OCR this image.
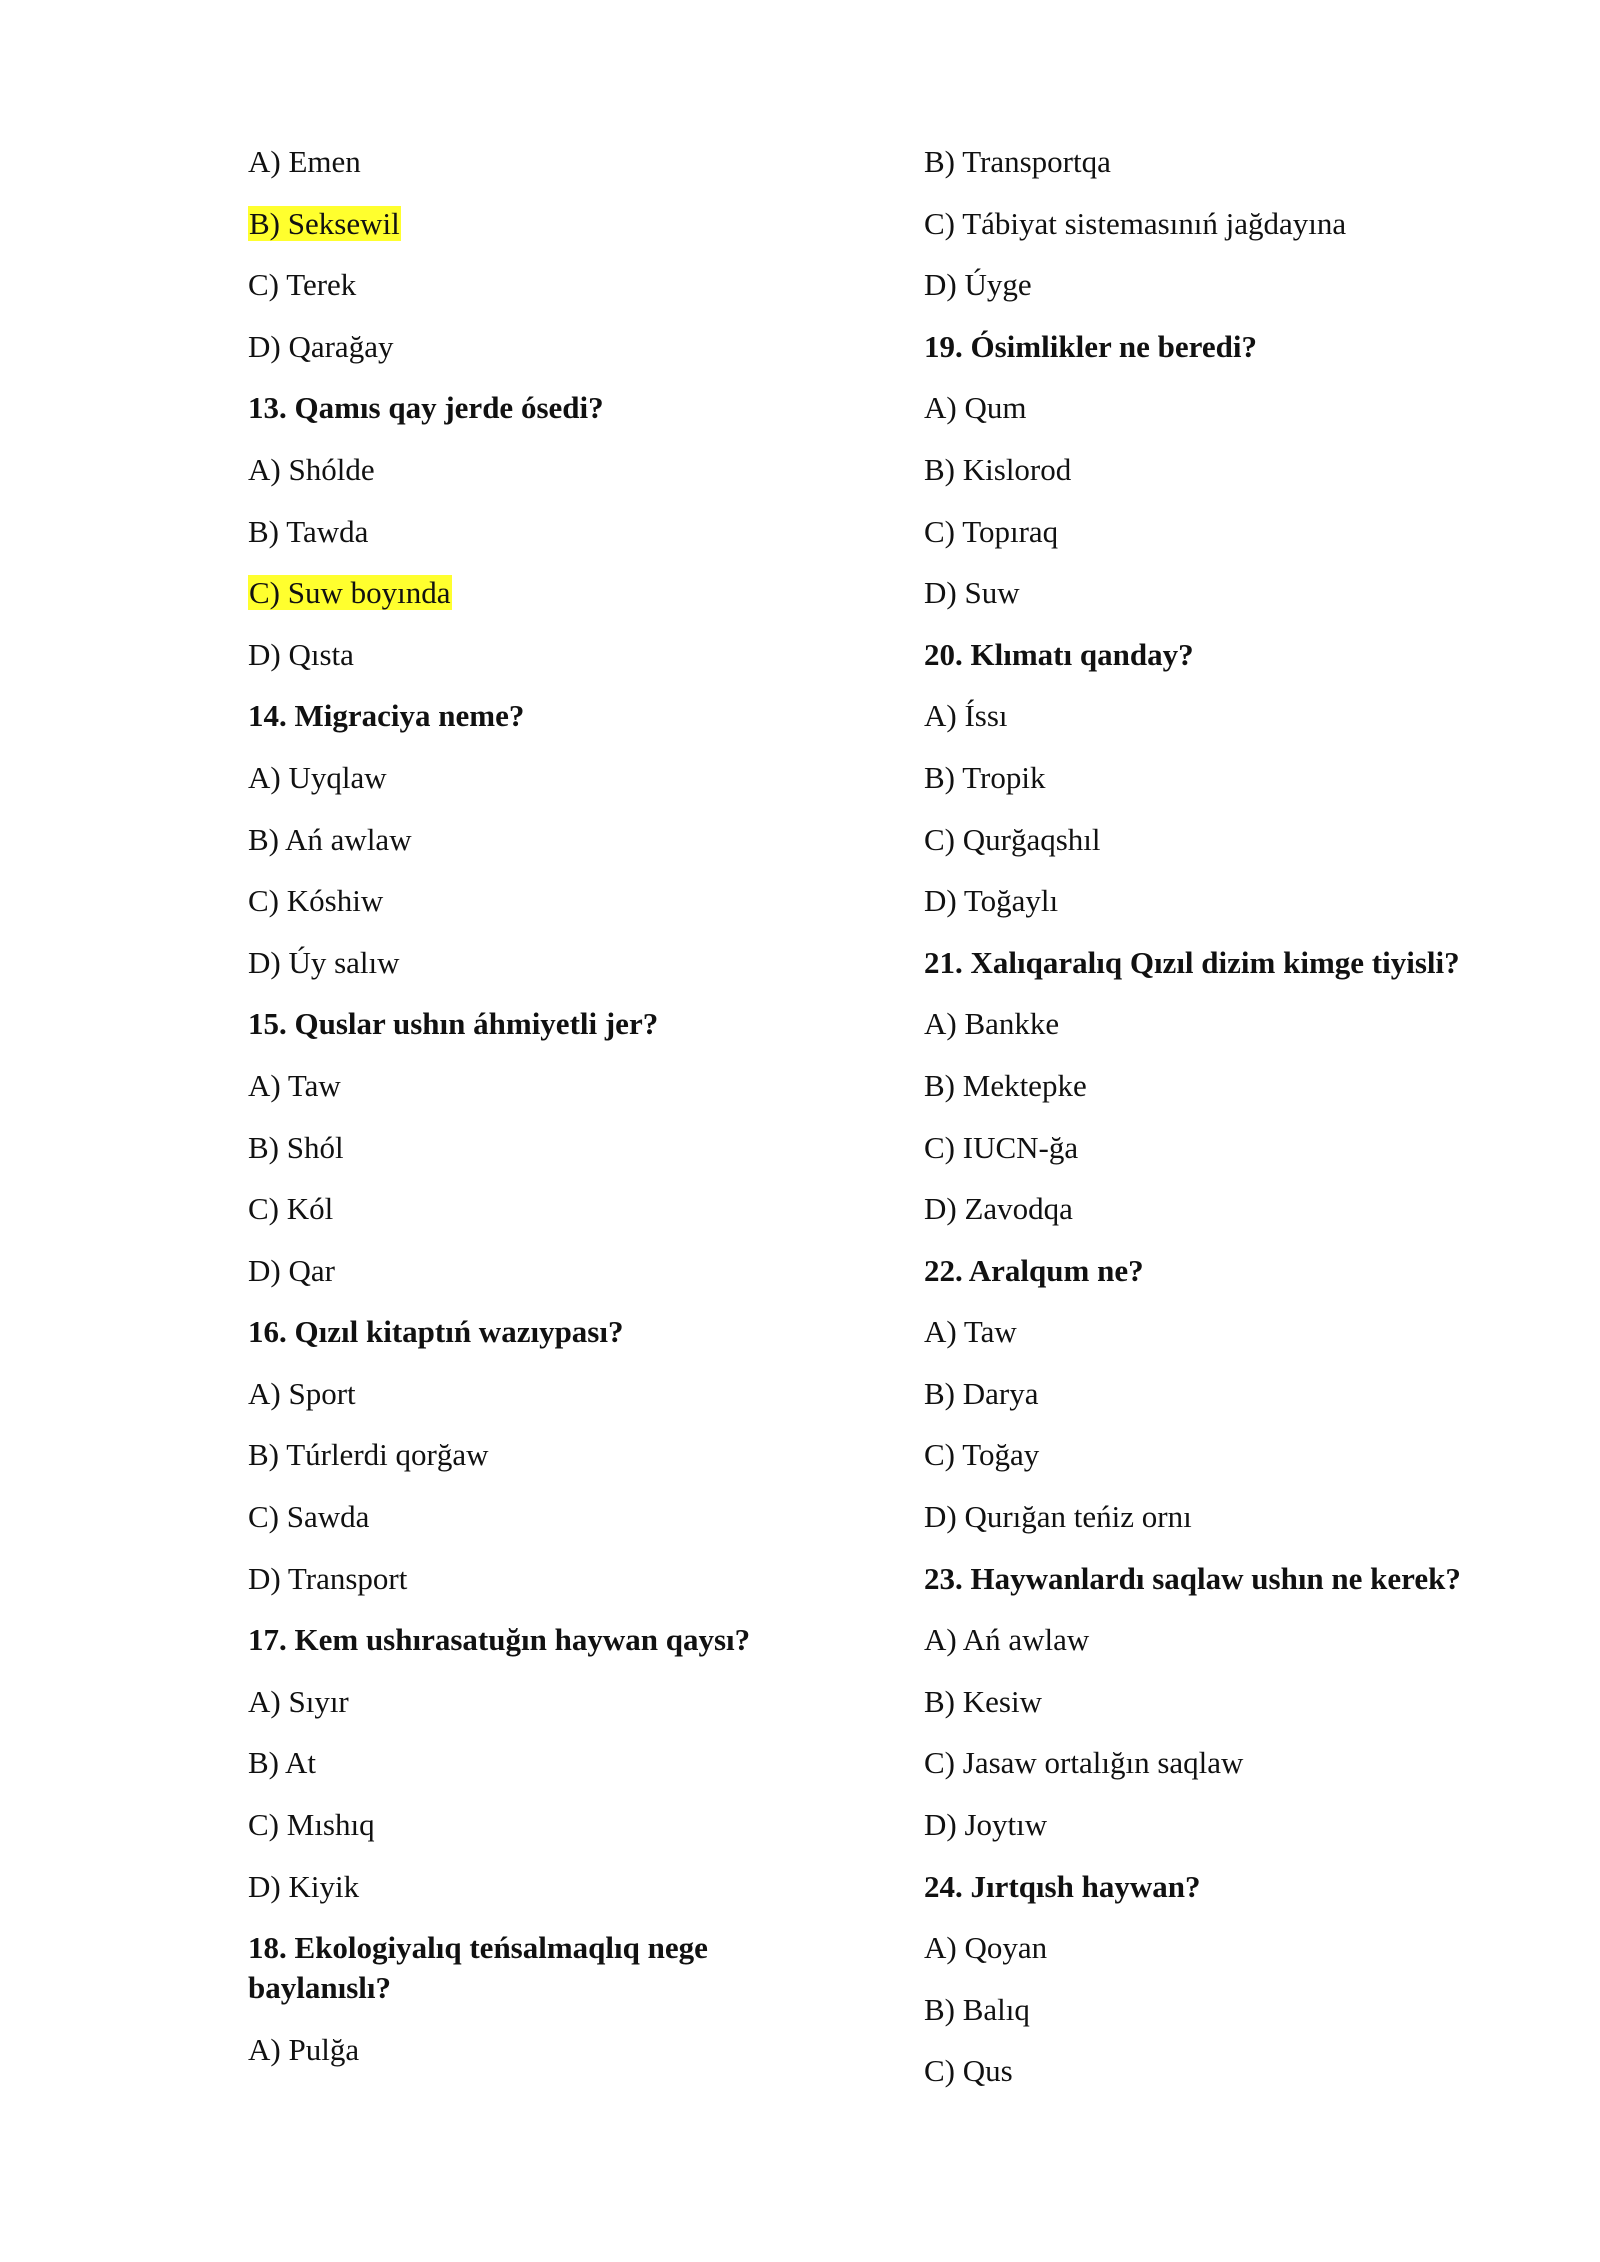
A) Emen
B) Seksewil
C) Terek
D) Qarağay
13. Qamıs qay jerde ósedi?
A) Shólde
B) Tawda
C) Suw boyında
D) Qısta
14. Migraciya neme?
A) Uyqlaw
B) Ań awlaw
C) Kóshiw
D) Úy salıw
15. Quslar ushın áhmiyetli jer?
A) Taw
B) Shól
C) Kól
D) Qar
16. Qızıl kitaptıń wazıypası?
A) Sport
B) Túrlerdi qorğaw
C) Sawda
D) Transport
17. Kem ushırasatuğın haywan qaysı?
A) Sıyır
B) At
C) Mıshıq
D) Kiyik
18. Ekologiyalıq teńsalmaqlıq nege baylanıslı?
A) Pulğa
B) Transportqa
C) Tábiyat sistemasınıń jağdayına
D) Úyge
19. Ósimlikler ne beredi?
A) Qum
B) Kislorod
C) Topıraq
D) Suw
20. Klımatı qanday?
A) Íssı
B) Tropik
C) Qurğaqshıl
D) Toğaylı
21. Xalıqaralıq Qızıl dizim kimge tiyisli?
A) Bankke
B) Mektepke
C) IUCN-ğa
D) Zavodqa
22. Aralqum ne?
A) Taw
B) Darya
C) Toğay
D) Qurığan teńiz ornı
23. Haywanlardı saqlaw ushın ne kerek?
A) Ań awlaw
B) Kesiw
C) Jasaw ortalığın saqlaw
D) Joytıw
24. Jırtqısh haywan?
A) Qoyan
B) Balıq
C) Qus
